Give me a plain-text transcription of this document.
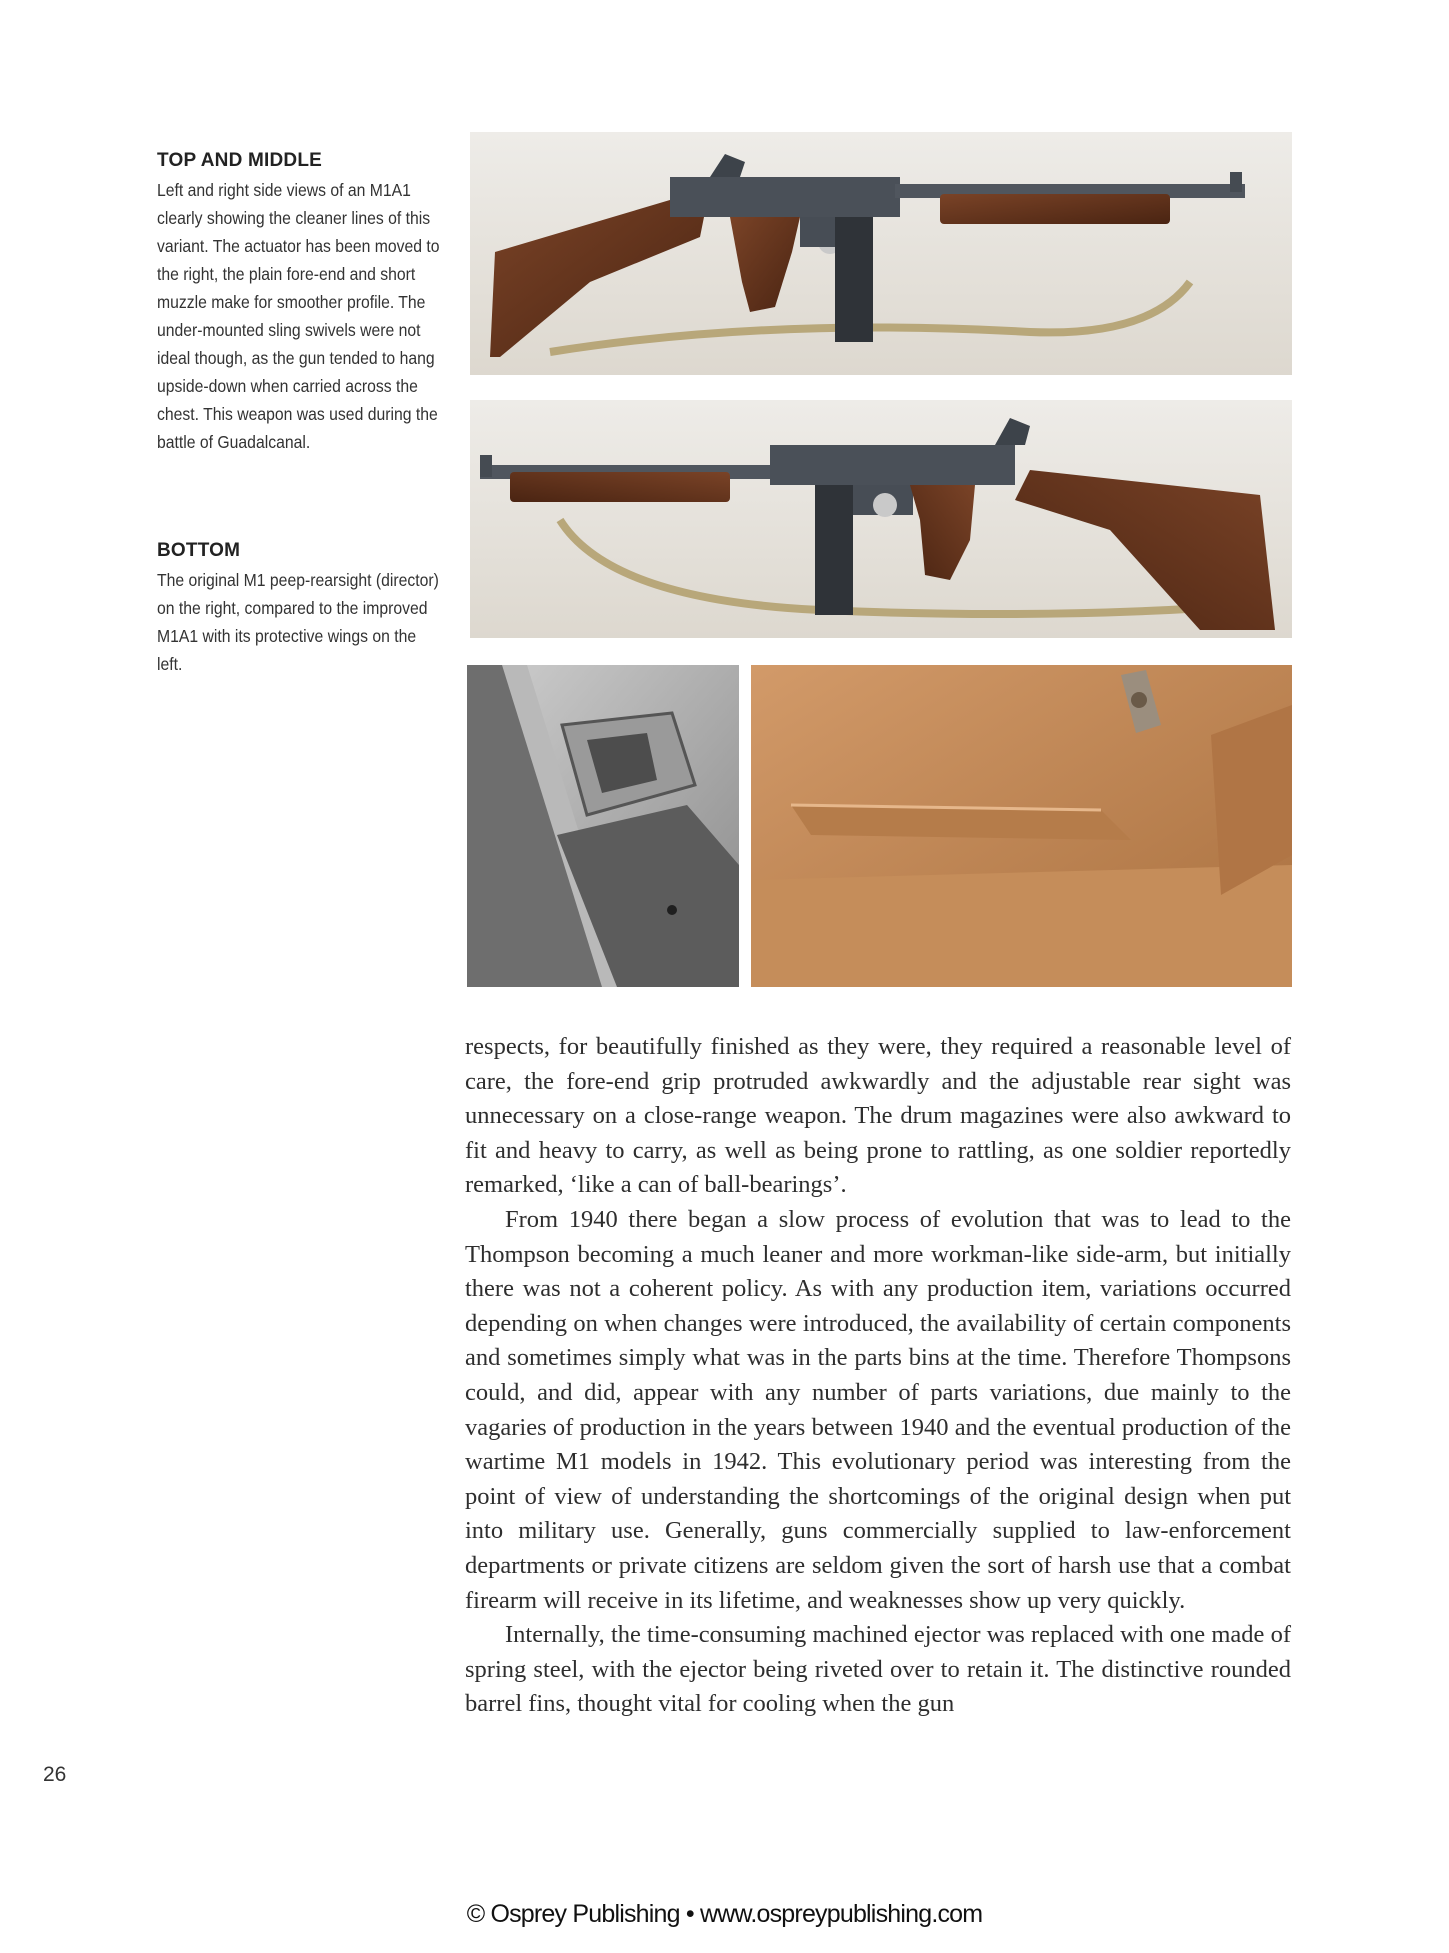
TOP AND MIDDLE

Left and right side views of an M1A1 clearly showing the cleaner lines of this variant. The actuator has been moved to the right, the plain fore-end and short muzzle make for smoother profile. The under-mounted sling swivels were not ideal though, as the gun tended to hang upside-down when carried across the chest. This weapon was used during the battle of Guadalcanal.

BOTTOM

The original M1 peep-rearsight (director) on the right, compared to the improved M1A1 with its protective wings on the left.

respects, for beautifully finished as they were, they required a reasonable level of care, the fore-end grip protruded awkwardly and the adjustable rear sight was unnecessary on a close-range weapon. The drum magazines were also awkward to fit and heavy to carry, as well as being prone to rattling, as one soldier reportedly remarked, ‘like a can of ball-bearings’.

From 1940 there began a slow process of evolution that was to lead to the Thompson becoming a much leaner and more workman-like side-arm, but initially there was not a coherent policy. As with any production item, variations occurred depending on when changes were introduced, the availability of certain components and sometimes simply what was in the parts bins at the time. Therefore Thompsons could, and did, appear with any number of parts variations, due mainly to the vagaries of production in the years between 1940 and the eventual production of the wartime M1 models in 1942. This evolutionary period was interesting from the point of view of understanding the shortcomings of the original design when put into military use. Generally, guns commercially supplied to law-enforcement departments or private citizens are seldom given the sort of harsh use that a combat firearm will receive in its lifetime, and weaknesses show up very quickly.

Internally, the time-consuming machined ejector was replaced with one made of spring steel, with the ejector being riveted over to retain it. The distinctive rounded barrel fins, thought vital for cooling when the gun

26
© Osprey Publishing • www.ospreypublishing.com
